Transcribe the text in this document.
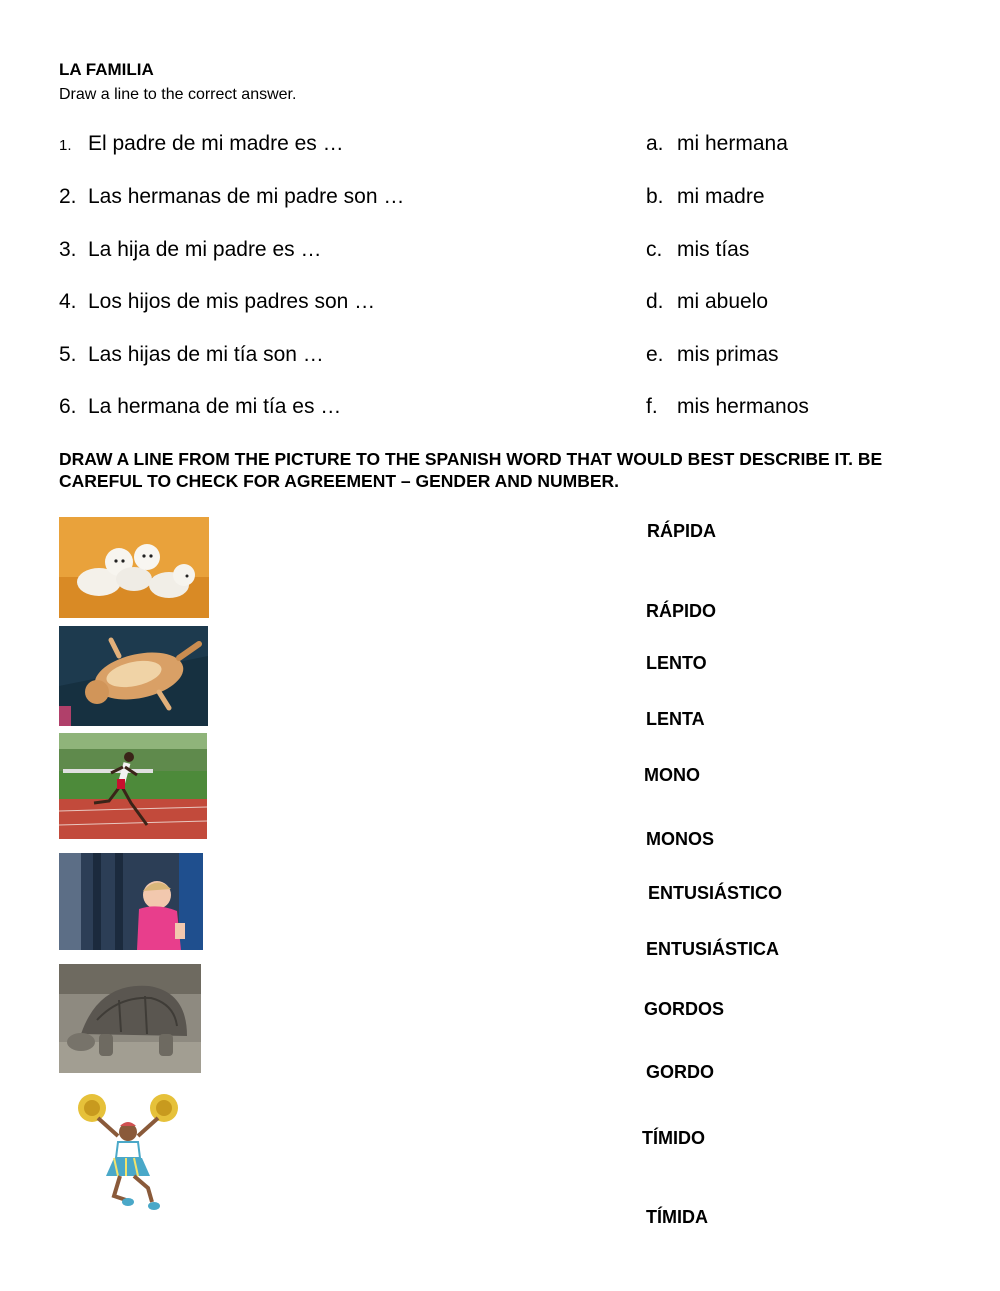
LA FAMILIA
Draw a line to the correct answer.
1. El padre de mi madre es …
2. Las hermanas de mi padre son …
3. La hija de mi padre es …
4. Los hijos de mis padres son …
5. Las hijas de mi tía son …
6. La hermana de mi tía es …
a. mi hermana
b. mi madre
c. mis tías
d. mi abuelo
e. mis primas
f. mis hermanos
DRAW A LINE FROM THE PICTURE TO THE SPANISH WORD THAT WOULD BEST DESCRIBE IT. BE CAREFUL TO CHECK FOR AGREEMENT – GENDER AND NUMBER.
RÁPIDA
RÁPIDO
LENTO
LENTA
MONO
MONOS
ENTUSIÁSTICO
ENTUSIÁSTICA
GORDOS
GORDO
TÍMIDO
TÍMIDA
